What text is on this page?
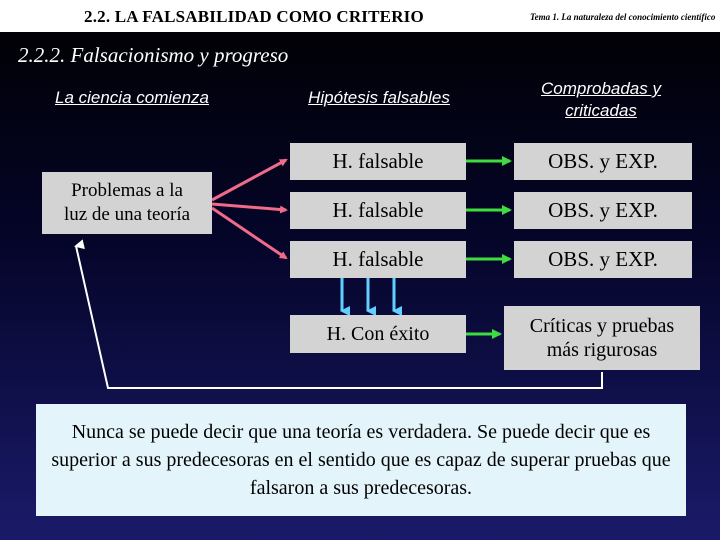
2.2. LA FALSABILIDAD COMO CRITERIO	Tema 1. La naturaleza del conocimiento científico
2.2.2. Falsacionismo y progreso
La ciencia comienza	Hipótesis falsables	Comprobadas y
criticadas
Problemas a la
luz de una teoría
H. falsable
H. falsable
H. falsable
OBS. y EXP.
OBS. y EXP.
OBS. y EXP.
H. Con éxito	Críticas y pruebas
más rigurosas
Nunca se puede decir que una teoría es verdadera. Se puede decir que es superior a sus predecesoras en el sentido que es capaz de superar pruebas que falsaron a sus predecesoras.
